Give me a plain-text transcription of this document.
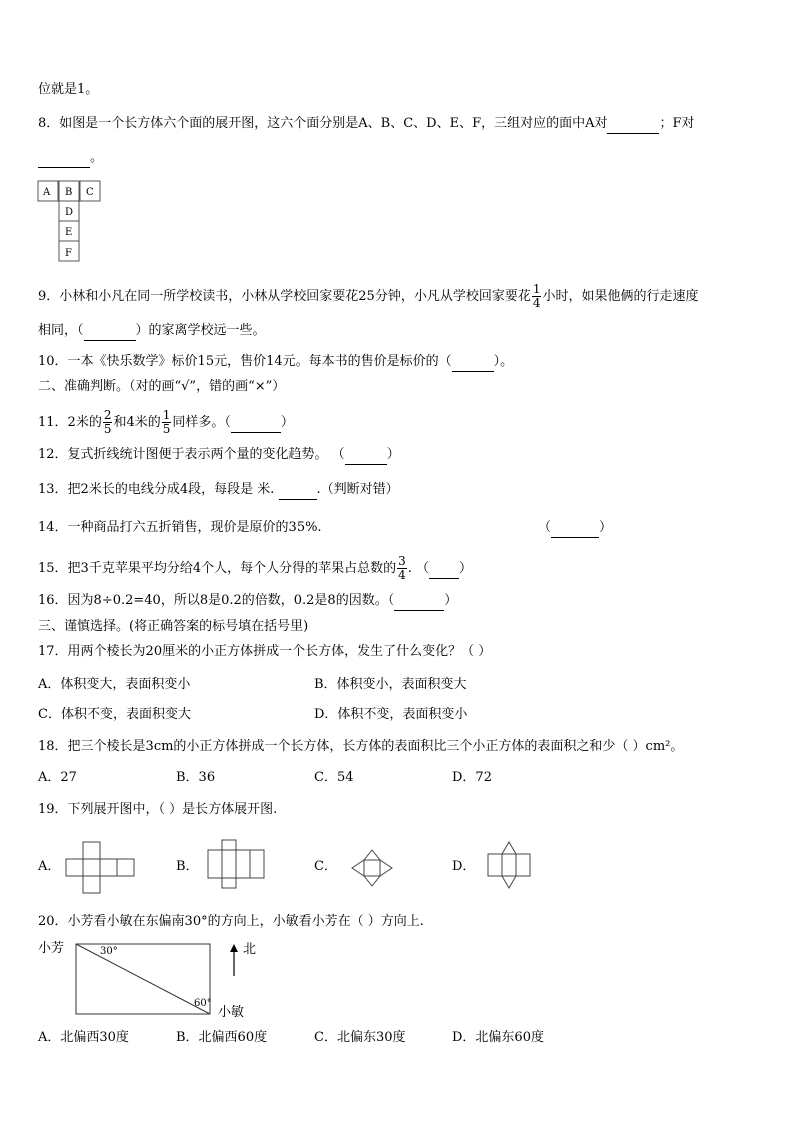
位就是1。
8．如图是一个长方体六个面的展开图，这六个面分别是A、B、C、D、E、F，三组对应的面中A对	；F对
。
A B C
D
E
F
9．小林和小凡在同一所学校读书，小林从学校回家要花25分钟，小凡从学校回家要花 $\frac{1}{4}$ 小时，如果他俩的行走速度
相同，（	）的家离学校远一些。
10．一本《快乐数学》标价15元，售价14元。每本书的售价是标价的（	）。
二、准确判断。（对的画“√”，错的画“×”）
11．2米的 $\frac{2}{5}$ 和4米的 $\frac{1}{5}$ 同样多。（	）
12．复式折线统计图便于表示两个量的变化趋势。 （	）
13．把2米长的电线分成4段，每段是 米.	.（判断对错）
14．一种商品打六五折销售，现价是原价的35%.	（	）
15．把3千克苹果平均分给4个人，每个人分得的苹果占总数的 $\frac{3}{4}$ . （ ）
16．因为8÷0.2=40，所以8是0.2的倍数，0.2是8的因数。（	）
三、谨慎选择。(将正确答案的标号填在括号里)
17．用两个棱长为20厘米的小正方体拼成一个长方体，发生了什么变化？（ ）
A．体积变大，表面积变小	B．体积变小，表面积变大
C．体积不变，表面积变大	D．体积不变，表面积变小
18．把三个棱长是3cm的小正方体拼成一个长方体，长方体的表面积比三个小正方体的表面积之和少（ ）cm²。
A．27	B．36	C．54	D．72
19．下列展开图中，（ ）是长方体展开图.
A．	B．	C．	D．
20．小芳看小敏在东偏南30°的方向上，小敏看小芳在（ ）方向上.
小芳	30°
60°
小敏
北
A．北偏西30度	B．北偏西60度	C．北偏东30度	D．北偏东60度
